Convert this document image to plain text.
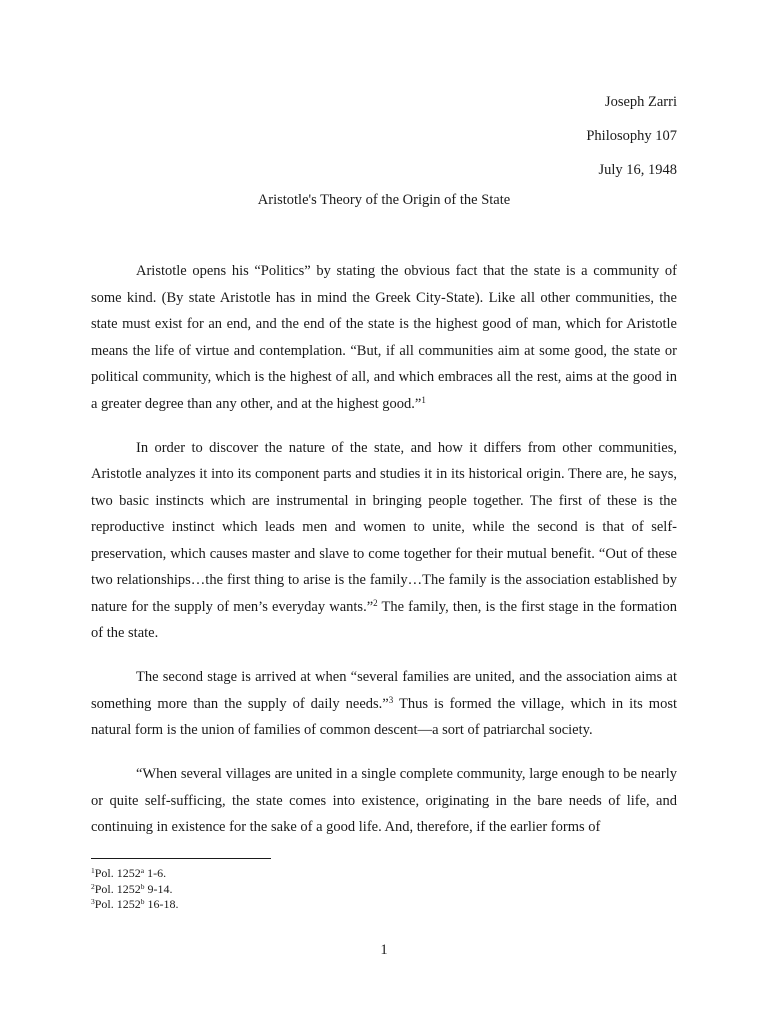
Joseph Zarri
Philosophy 107
July 16, 1948
Aristotle's Theory of the Origin of the State

Aristotle opens his “Politics” by stating the obvious fact that the state is a community of some kind. (By state Aristotle has in mind the Greek City-State). Like all other communities, the state must exist for an end, and the end of the state is the highest good of man, which for Aristotle means the life of virtue and contemplation. “But, if all communities aim at some good, the state or political community, which is the highest of all, and which embraces all the rest, aims at the good in a greater degree than any other, and at the highest good.”$^1$

In order to discover the nature of the state, and how it differs from other communities, Aristotle analyzes it into its component parts and studies it in its historical origin. There are, he says, two basic instincts which are instrumental in bringing people together. The first of these is the reproductive instinct which leads men and women to unite, while the second is that of self-preservation, which causes master and slave to come together for their mutual benefit. “Out of these two relationships…the first thing to arise is the family…The family is the association established by nature for the supply of men’s everyday wants.”$^2$ The family, then, is the first stage in the formation of the state.

The second stage is arrived at when “several families are united, and the association aims at something more than the supply of daily needs.”$^3$ Thus is formed the village, which in its most natural form is the union of families of common descent—a sort of patriarchal society.

“When several villages are united in a single complete community, large enough to be nearly or quite self-sufficing, the state comes into existence, originating in the bare needs of life, and continuing in existence for the sake of a good life. And, therefore, if the earlier forms of

$^1$Pol. 1252$^a$ 1-6.

$^2$Pol. 1252$^b$ 9-14.

$^3$Pol. 1252$^b$ 16-18.

1
